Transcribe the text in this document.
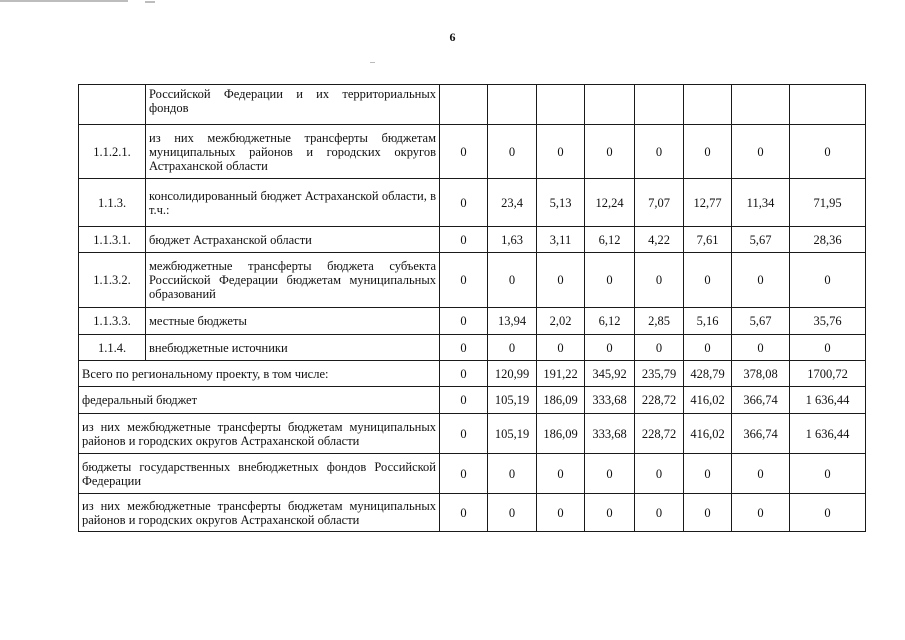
6
	Российской Федерации и их территориальных фондов								
1.1.2.1.	из них межбюджетные трансферты бюджетам муниципальных районов и городских округов Астраханской области	0	0	0	0	0	0	0	0
1.1.3.	консолидированный бюджет Астраханской области, в т.ч.:	0	23,4	5,13	12,24	7,07	12,77	11,34	71,95
1.1.3.1.	бюджет Астраханской области	0	1,63	3,11	6,12	4,22	7,61	5,67	28,36
1.1.3.2.	межбюджетные трансферты бюджета субъекта Российской Федерации бюджетам муниципальных образований	0	0	0	0	0	0	0	0
1.1.3.3.	местные бюджеты	0	13,94	2,02	6,12	2,85	5,16	5,67	35,76
1.1.4.	внебюджетные источники	0	0	0	0	0	0	0	0
Всего по региональному проекту, в том числе:		0	120,99	191,22	345,92	235,79	428,79	378,08	1700,72
федеральный бюджет		0	105,19	186,09	333,68	228,72	416,02	366,74	1 636,44
из них межбюджетные трансферты бюджетам муниципальных районов и городских округов Астраханской области		0	105,19	186,09	333,68	228,72	416,02	366,74	1 636,44
бюджеты государственных внебюджетных фондов Российской Федерации		0	0	0	0	0	0	0	0
из них межбюджетные трансферты бюджетам муниципальных районов и городских округов Астраханской области		0	0	0	0	0	0	0	0
